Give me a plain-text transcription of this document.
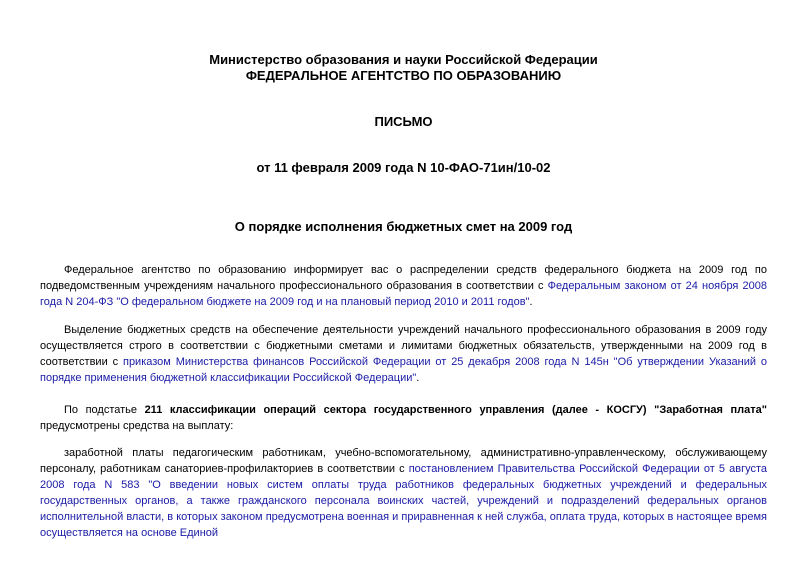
Министерство образования и науки Российской Федерации
ФЕДЕРАЛЬНОЕ АГЕНТСТВО ПО ОБРАЗОВАНИЮ
ПИСЬМО
от 11 февраля 2009 года N 10-ФАО-71ин/10-02
О порядке исполнения бюджетных смет на 2009 год
Федеральное агентство по образованию информирует вас о распределении средств федерального бюджета на 2009 год по подведомственным учреждениям начального профессионального образования в соответствии с Федеральным законом от 24 ноября 2008 года N 204-ФЗ "О федеральном бюджете на 2009 год и на плановый период 2010 и 2011 годов".
Выделение бюджетных средств на обеспечение деятельности учреждений начального профессионального образования в 2009 году осуществляется строго в соответствии с бюджетными сметами и лимитами бюджетных обязательств, утвержденными на 2009 год в соответствии с приказом Министерства финансов Российской Федерации от 25 декабря 2008 года N 145н "Об утверждении Указаний о порядке применения бюджетной классификации Российской Федерации".
По подстатье 211 классификации операций сектора государственного управления (далее - КОСГУ) "Заработная плата" предусмотрены средства на выплату:
заработной платы педагогическим работникам, учебно-вспомогательному, административно-управленческому, обслуживающему персоналу, работникам санаториев-профилакториев в соответствии с постановлением Правительства Российской Федерации от 5 августа 2008 года N 583 "О введении новых систем оплаты труда работников федеральных бюджетных учреждений и федеральных государственных органов, а также гражданского персонала воинских частей, учреждений и подразделений федеральных органов исполнительной власти, в которых законом предусмотрена военная и приравненная к ней служба, оплата труда, которых в настоящее время осуществляется на основе Единой
